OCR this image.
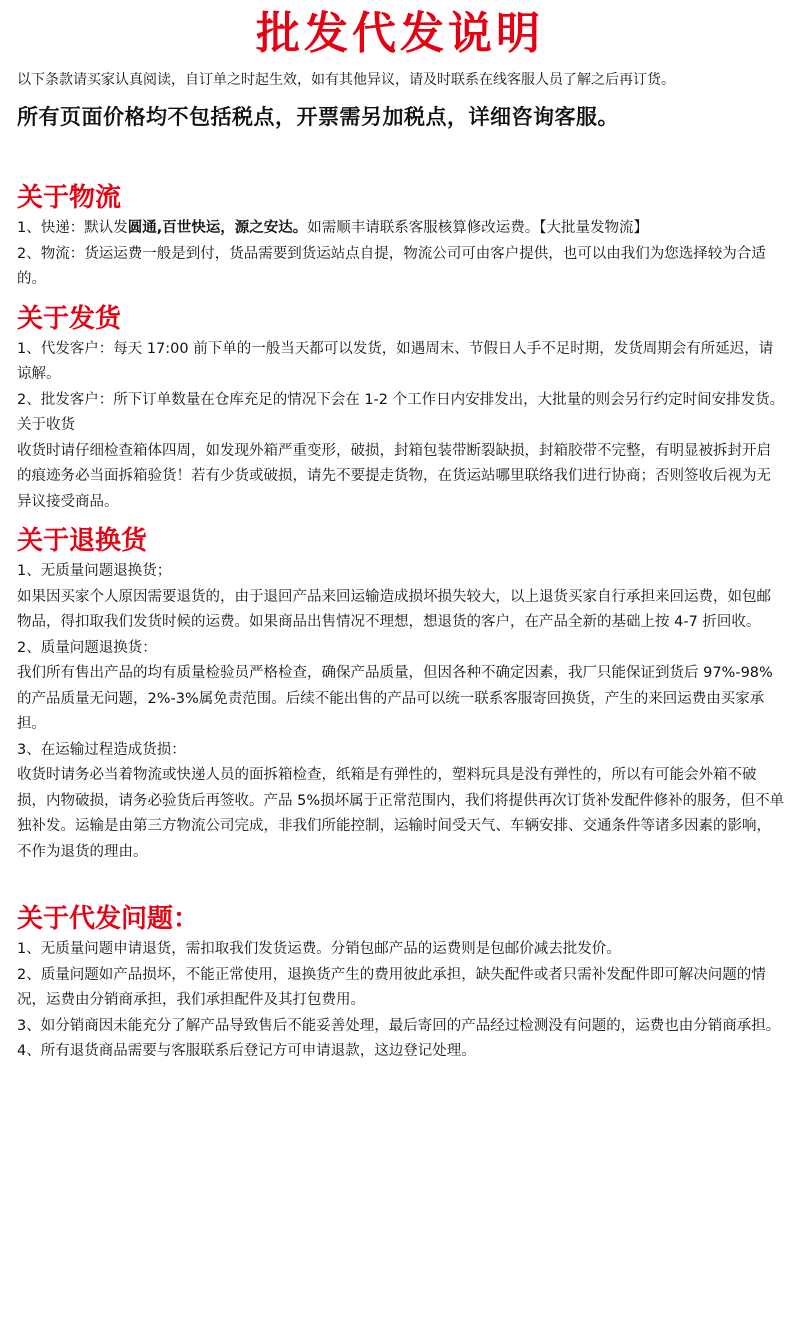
批发代发说明
以下条款请买家认真阅读，自订单之时起生效，如有其他异议，请及时联系在线客服人员了解之后再订货。
所有页面价格均不包括税点，开票需另加税点，详细咨询客服。
关于物流

1、快递：默认发圆通,百世快运，源之安达。如需顺丰请联系客服核算修改运费。【大批量发物流】

2、物流：货运运费一般是到付，货品需要到货运站点自提，物流公司可由客户提供，也可以由我们为您选择较为合适的。

关于发货

1、代发客户：每天 17:00 前下单的一般当天都可以发货，如遇周末、节假日人手不足时期，发货周期会有所延迟，请谅解。

2、批发客户：所下订单数量在仓库充足的情况下会在 1-2 个工作日内安排发出，大批量的则会另行约定时间安排发货。

关于收货

收货时请仔细检查箱体四周，如发现外箱严重变形，破损，封箱包装带断裂缺损，封箱胶带不完整，有明显被拆封开启的痕迹务必当面拆箱验货！若有少货或破损，请先不要提走货物，在货运站哪里联络我们进行协商；否则签收后视为无异议接受商品。

关于退换货

1、无质量问题退换货；

如果因买家个人原因需要退货的，由于退回产品来回运输造成损坏损失较大，以上退货买家自行承担来回运费，如包邮物品，得扣取我们发货时候的运费。如果商品出售情况不理想，想退货的客户，在产品全新的基础上按 4-7 折回收。

2、质量问题退换货：

我们所有售出产品的均有质量检验员严格检查，确保产品质量，但因各种不确定因素，我厂只能保证到货后 97%-98% 的产品质量无问题，2%-3%属免责范围。后续不能出售的产品可以统一联系客服寄回换货，产生的来回运费由买家承担。

3、在运输过程造成货损：

收货时请务必当着物流或快递人员的面拆箱检查，纸箱是有弹性的，塑料玩具是没有弹性的，所以有可能会外箱不破损，内物破损，请务必验货后再签收。产品 5%损坏属于正常范围内，我们将提供再次订货补发配件修补的服务，但不单独补发。运输是由第三方物流公司完成，非我们所能控制，运输时间受天气、车辆安排、交通条件等诸多因素的影响，不作为退货的理由。

关于代发问题：

1、无质量问题申请退货，需扣取我们发货运费。分销包邮产品的运费则是包邮价减去批发价。

2、质量问题如产品损坏，不能正常使用，退换货产生的费用彼此承担，缺失配件或者只需补发配件即可解决问题的情况，运费由分销商承担，我们承担配件及其打包费用。

3、如分销商因未能充分了解产品导致售后不能妥善处理，最后寄回的产品经过检测没有问题的，运费也由分销商承担。

4、所有退货商品需要与客服联系后登记方可申请退款，这边登记处理。
